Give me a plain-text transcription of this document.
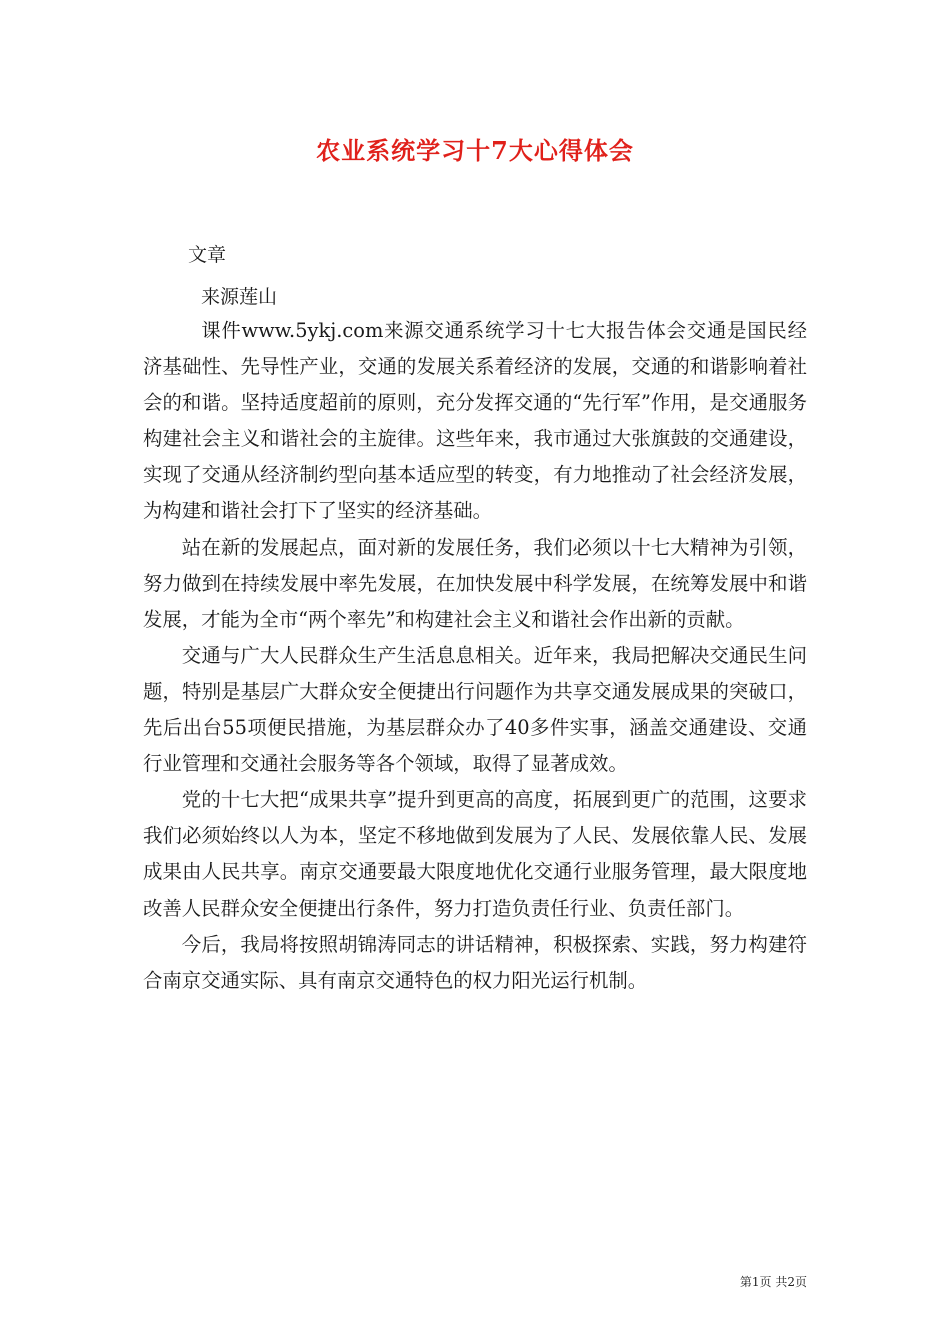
农业系统学习十7大心得体会
文章
来源莲山

课件www.5ykj.com来源交通系统学习十七大报告体会交通是国民经济基础性、先导性产业，交通的发展关系着经济的发展，交通的和谐影响着社会的和谐。坚持适度超前的原则，充分发挥交通的“先行军”作用，是交通服务构建社会主义和谐社会的主旋律。这些年来，我市通过大张旗鼓的交通建设，实现了交通从经济制约型向基本适应型的转变，有力地推动了社会经济发展，为构建和谐社会打下了坚实的经济基础。

站在新的发展起点，面对新的发展任务，我们必须以十七大精神为引领，努力做到在持续发展中率先发展，在加快发展中科学发展，在统筹发展中和谐发展，才能为全市“两个率先”和构建社会主义和谐社会作出新的贡献。

交通与广大人民群众生产生活息息相关。近年来，我局把解决交通民生问题，特别是基层广大群众安全便捷出行问题作为共享交通发展成果的突破口，先后出台55项便民措施，为基层群众办了40多件实事，涵盖交通建设、交通行业管理和交通社会服务等各个领域，取得了显著成效。

党的十七大把“成果共享”提升到更高的高度，拓展到更广的范围，这要求我们必须始终以人为本，坚定不移地做到发展为了人民、发展依靠人民、发展成果由人民共享。南京交通要最大限度地优化交通行业服务管理，最大限度地改善人民群众安全便捷出行条件，努力打造负责任行业、负责任部门。

今后，我局将按照胡锦涛同志的讲话精神，积极探索、实践，努力构建符合南京交通实际、具有南京交通特色的权力阳光运行机制。

第1页 共2页
